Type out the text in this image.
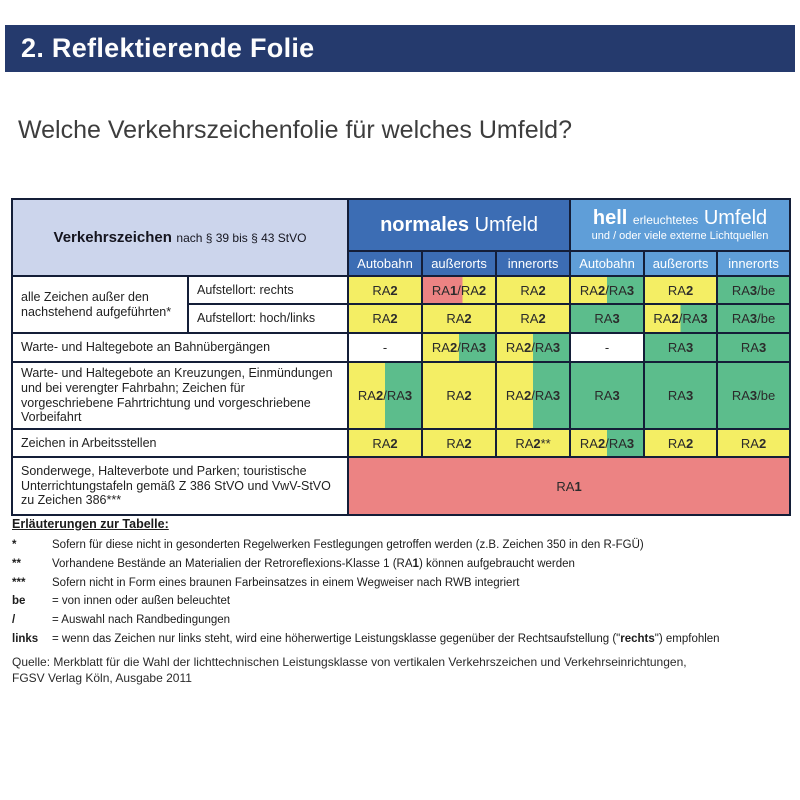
2. Reflektierende Folie
Welche Verkehrszeichenfolie für welches Umfeld?
Verkehrszeichen nach § 39 bis § 43 StVO		normales Umfeld			hell erleuchtetes Umfeld
und / oder viele externe Lichtquellen		

		Autobahn	außerorts	innerorts	Autobahn	außerorts	innerorts
alle Zeichen außer den nachstehend aufgeführten*	Aufstellort: rechts	RA2	RA1/RA2	RA2	RA2/RA3	RA2	RA3/be
	Aufstellort: hoch/links	RA2	RA2	RA2	RA3	RA2/RA3	RA3/be
Warte- und Haltegebote an Bahnübergängen		-	RA2/RA3	RA2/RA3	-	RA3	RA3
Warte- und Haltegebote an Kreuzungen, Einmündungen und bei verengter Fahrbahn; Zeichen für vorgeschriebene Fahrtrichtung und vorgeschriebene Vorbeifahrt		RA2/RA3	RA2	RA2/RA3	RA3	RA3	RA3/be
Zeichen in Arbeitsstellen		RA2	RA2	RA2**	RA2/RA3	RA2	RA2
Sonderwege, Halteverbote und Parken; touristische Unterrichtungstafeln gemäß Z 386 StVO und VwV-StVO zu Zeichen 386***		RA1					
Erläuterungen zur Tabelle:
*	Sofern für diese nicht in gesonderten Regelwerken Festlegungen getroffen werden (z.B. Zeichen 350 in den R-FGÜ)
**	Vorhandene Bestände an Materialien der Retroreflexions-Klasse 1 (RA1) können aufgebraucht werden
***	Sofern nicht in Form eines braunen Farbeinsatzes in einem Wegweiser nach RWB integriert
be	= von innen oder außen beleuchtet
/	= Auswahl nach Randbedingungen
links	= wenn das Zeichen nur links steht, wird eine höherwertige Leistungsklasse gegenüber der Rechtsaufstellung ("rechts") empfohlen
Quelle: Merkblatt für die Wahl der lichttechnischen Leistungsklasse von vertikalen Verkehrszeichen und Verkehrseinrichtungen,
FGSV Verlag Köln, Ausgabe 2011
